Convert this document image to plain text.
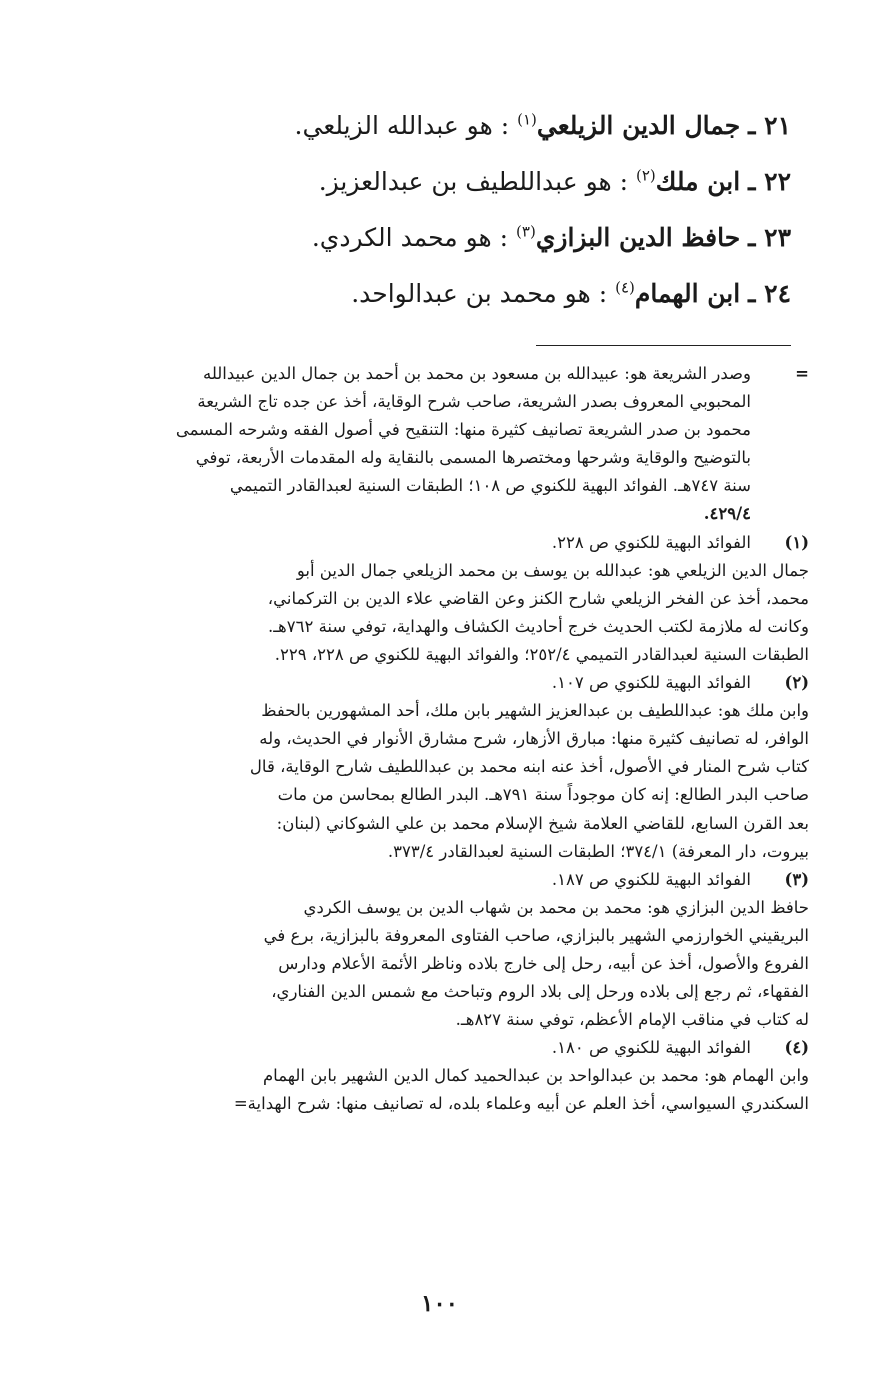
٢١ ـ جمال الدين الزيلعي$^{(١)}$ : هو عبدالله الزيلعي.
٢٢ ـ ابن ملك$^{(٢)}$ : هو عبداللطيف بن عبدالعزيز.
٢٣ ـ حافظ الدين البزازي$^{(٣)}$ : هو محمد الكردي.
٢٤ ـ ابن الهمام$^{(٤)}$ : هو محمد بن عبدالواحد.
=
وصدر الشريعة هو: عبيدالله بن مسعود بن محمد بن أحمد بن جمال الدين عبيدالله
المحبوبي المعروف بصدر الشريعة، صاحب شرح الوقاية، أخذ عن جده تاج الشريعة
محمود بن صدر الشريعة تصانيف كثيرة منها: التنقيح في أصول الفقه وشرحه المسمى
بالتوضيح والوقاية وشرحها ومختصرها المسمى بالنقاية وله المقدمات الأربعة، توفي
سنة ٧٤٧هـ. الفوائد البهية للكنوي ص ١٠٨؛ الطبقات السنية لعبدالقادر التميمي
٤٢٩/٤.
(١)
الفوائد البهية للكنوي ص ٢٢٨.
جمال الدين الزيلعي هو: عبدالله بن يوسف بن محمد الزيلعي جمال الدين أبو
محمد، أخذ عن الفخر الزيلعي شارح الكنز وعن القاضي علاء الدين بن التركماني،
وكانت له ملازمة لكتب الحديث خرج أحاديث الكشاف والهداية، توفي سنة ٧٦٢هـ.
الطبقات السنية لعبدالقادر التميمي ٢٥٢/٤؛ والفوائد البهية للكنوي ص ٢٢٨، ٢٢٩.
(٢)
الفوائد البهية للكنوي ص ١٠٧.
وابن ملك هو: عبداللطيف بن عبدالعزيز الشهير بابن ملك، أحد المشهورين بالحفظ
الوافر، له تصانيف كثيرة منها: مبارق الأزهار، شرح مشارق الأنوار في الحديث، وله
كتاب شرح المنار في الأصول، أخذ عنه ابنه محمد بن عبداللطيف شارح الوقاية، قال
صاحب البدر الطالع: إنه كان موجوداً سنة ٧٩١هـ. البدر الطالع بمحاسن من مات
بعد القرن السابع، للقاضي العلامة شيخ الإسلام محمد بن علي الشوكاني (لبنان:
بيروت، دار المعرفة) ٣٧٤/١؛ الطبقات السنية لعبدالقادر ٣٧٣/٤.
(٣)
الفوائد البهية للكنوي ص ١٨٧.
حافظ الدين البزازي هو: محمد بن محمد بن شهاب الدين بن يوسف الكردي
البريقيني الخوارزمي الشهير بالبزازي، صاحب الفتاوى المعروفة بالبزازية، برع في
الفروع والأصول، أخذ عن أبيه، رحل إلى خارج بلاده وناظر الأئمة الأعلام ودارس
الفقهاء، ثم رجع إلى بلاده ورحل إلى بلاد الروم وتباحث مع شمس الدين الفناري،
له كتاب في مناقب الإمام الأعظم، توفي سنة ٨٢٧هـ.
(٤)
الفوائد البهية للكنوي ص ١٨٠.
وابن الهمام هو: محمد بن عبدالواحد بن عبدالحميد كمال الدين الشهير بابن الهمام
السكندري السيواسي، أخذ العلم عن أبيه وعلماء بلده، له تصانيف منها: شرح الهداية=
١٠٠
